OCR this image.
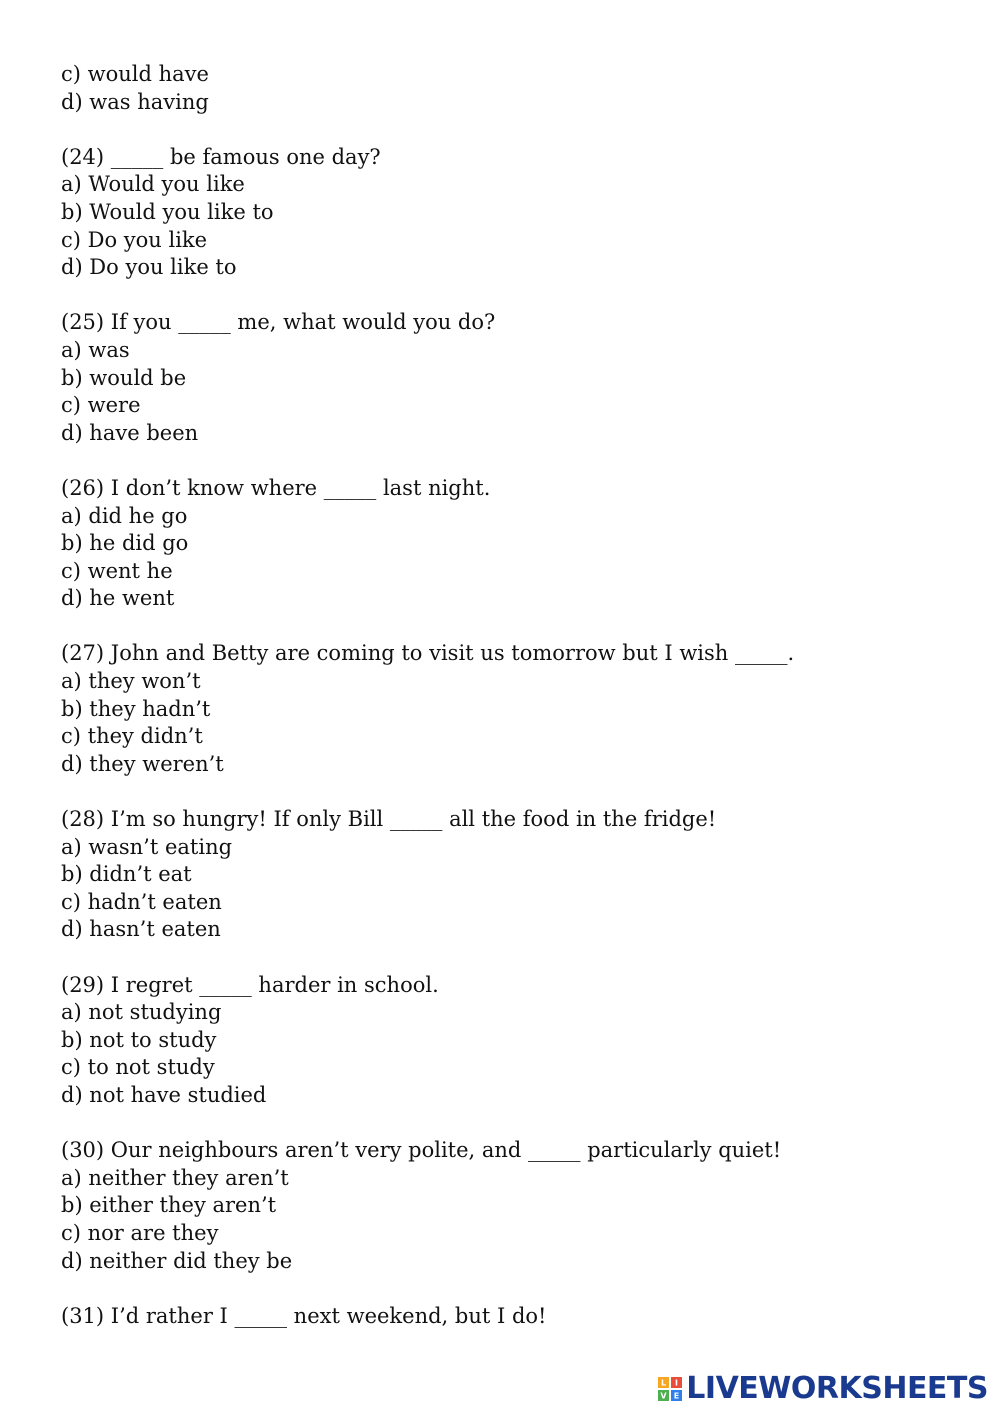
c) would have
d) was having
(24) _____ be famous one day?
a) Would you like
b) Would you like to
c) Do you like
d) Do you like to
(25) If you _____ me, what would you do?
a) was
b) would be
c) were
d) have been
(26) I don’t know where _____ last night.
a) did he go
b) he did go
c) went he
d) he went
(27) John and Betty are coming to visit us tomorrow but I wish _____.
a) they won’t
b) they hadn’t
c) they didn’t
d) they weren’t
(28) I’m so hungry! If only Bill _____ all the food in the fridge!
a) wasn’t eating
b) didn’t eat
c) hadn’t eaten
d) hasn’t eaten
(29) I regret _____ harder in school.
a) not studying
b) not to study
c) to not study
d) not have studied
(30) Our neighbours aren’t very polite, and _____ particularly quiet!
a) neither they aren’t
b) either they aren’t
c) nor are they
d) neither did they be
(31) I’d rather I _____ next weekend, but I do!
L I
V E LIVEWORKSHEETS
